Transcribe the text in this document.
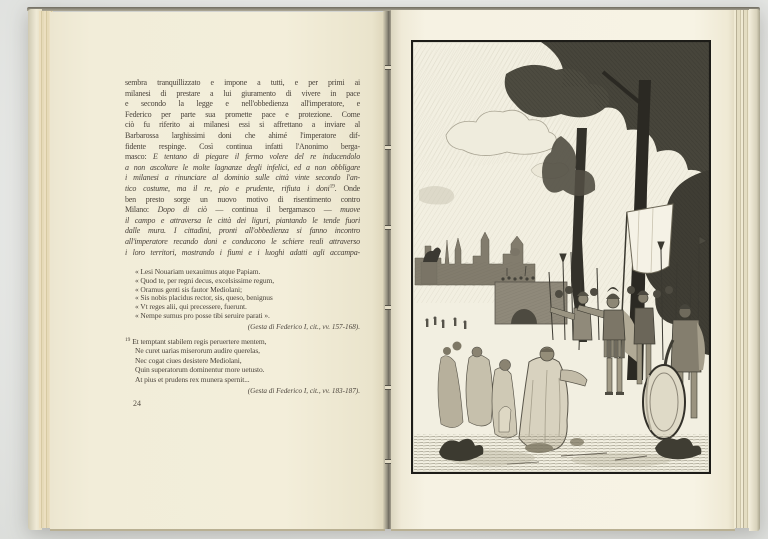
sembra tranquillizzato e impone a tutti, e per primi ai
milanesi di prestare a lui giuramento di vivere in pace
e secondo la legge e nell'obbedienza all'imperatore, e
Federico per parte sua promette pace e protezione. Come
ciò fu riferito ai milanesi essi si affrettano a inviare al
Barbarossa larghissimi doni che ahimé l'imperatore dif-
fidente respinge. Così continua infatti l'Anonimo berga-
masco: E tentano di piegare il fermo volere del re inducendolo
a non ascoltare le molte lagnanze degli infelici, ed a non obbligare
i milanesi a rinunciare al dominio sulle città vinte secondo l'an-
tico costume, ma il re, pio e prudente, rifiuta i doni$^{19}$. Onde
ben presto sorge un nuovo motivo di risentimento contro
Milano: Dopo di ciò — continua il bergamasco — muove
il campo e attraversa le città dei liguri, piantando le tende fuori
dalle mura. I cittadini, pronti all'obbedienza si fanno incontro
all'imperatore recando doni e conducono le schiere reali attraverso
i loro territori, mostrando i fiumi e i luoghi adatti agli accampa-
« Lesi Nouariam uexauimus atque Papiam.
« Quod te, per regni decus, excelsissime regum,
« Oramus genti sis fautor Mediolani;
« Sis nobis placidus rector, sis, queso, benignus
« Vt reges alii, qui precessere, fuerunt.
« Nempe sumus pro posse tibi seruire parati ».
(Gesta di Federico I, cit., vv. 157-168).
$^{19}$ Et temptant stabilem regis peruertere mentem,
Ne curet uarias miserorum audire querelas,
Nec cogat ciues desistere Mediolani,
Quin superatorum dominentur more uetusto.
At pius et prudens rex munera spernit...
(Gesta di Federico I, cit., vv. 183-187).
24
